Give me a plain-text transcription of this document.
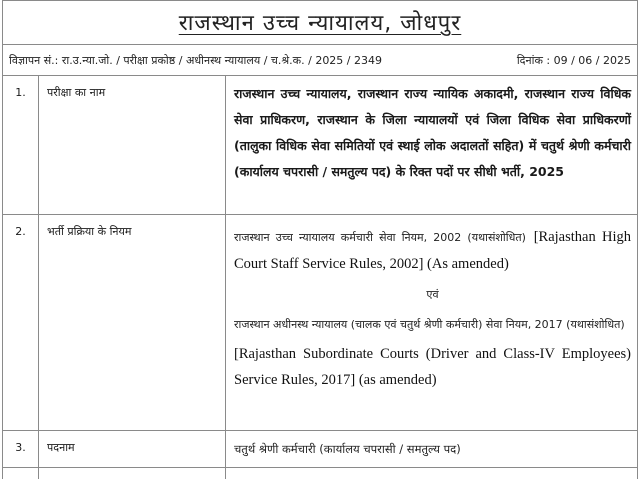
राजस्थान उच्च न्यायालय, जोधपुर
विज्ञापन सं.: रा.उ.न्या.जो. / परीक्षा प्रकोष्ठ / अधीनस्थ न्यायालय / च.श्रे.क. / 2025 / 2349	दिनांक : 09 / 06 / 2025
1.	परीक्षा का नाम	राजस्थान उच्च न्यायालय, राजस्थान राज्य न्यायिक अकादमी, राजस्थान राज्य विधिक सेवा प्राधिकरण, राजस्थान के जिला न्यायालयों एवं जिला विधिक सेवा प्राधिकरणों (तालुका विधिक सेवा समितियों एवं स्थाई लोक अदालतों सहित) में चतुर्थ श्रेणी कर्मचारी (कार्यालय चपरासी / समतुल्य पद) के रिक्त पदों पर सीधी भर्ती, 2025
2.	भर्ती प्रक्रिया के नियम	राजस्थान उच्च न्यायालय कर्मचारी सेवा नियम, 2002 (यथासंशोधित) [Rajasthan High Court Staff Service Rules, 2002] (As amended)
एवं
राजस्थान अधीनस्थ न्यायालय (चालक एवं चतुर्थ श्रेणी कर्मचारी) सेवा नियम, 2017 (यथासंशोधित)
[Rajasthan Subordinate Courts (Driver and Class-IV Employees) Service Rules, 2017] (as amended)
3.	पदनाम	चतुर्थ श्रेणी कर्मचारी (कार्यालय चपरासी / समतुल्य पद)
